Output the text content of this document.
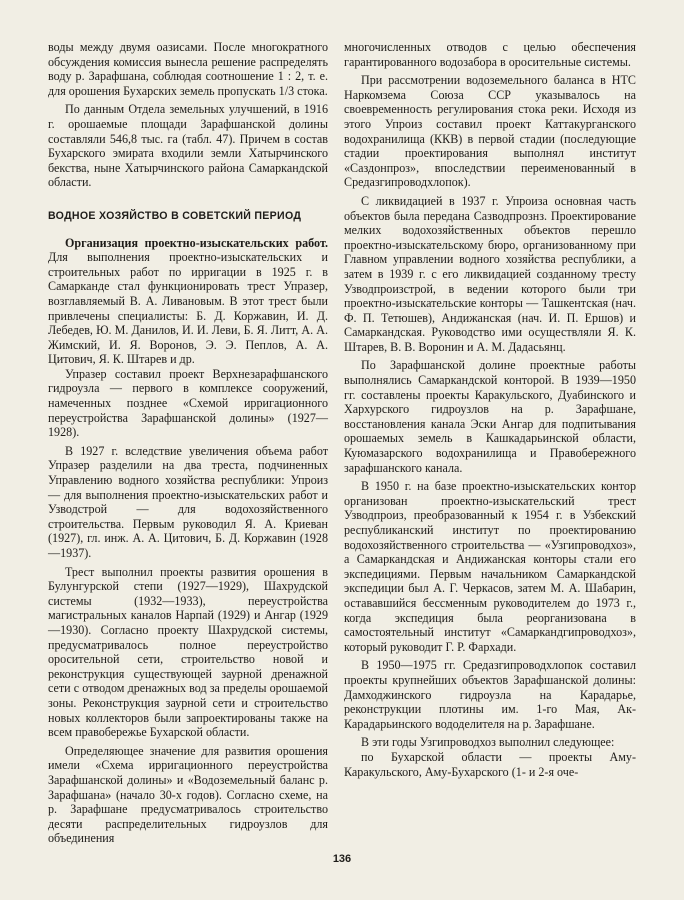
воды между двумя оазисами. После многократного обсуждения комиссия вынесла решение распределять воду р. Зарафшана, соблюдая соотношение 1 : 2, т. е. для орошения Бухарских земель пропускать 1/3 стока.

По данным Отдела земельных улучшений, в 1916 г. орошаемые площади Зарафшанской долины составляли 546,8 тыс. га (табл. 47). Причем в состав Бухарского эмирата входили земли Хатырчинского бекства, ныне Хатырчинского района Самаркандской области.

ВОДНОЕ ХОЗЯЙСТВО В СОВЕТСКИЙ ПЕРИОД

Организация проектно-изыскательских работ. Для выполнения проектно-изыскательских и строительных работ по ирригации в 1925 г. в Самарканде стал функционировать трест Упразер, возглавляемый В. А. Ливановым. В этот трест были привлечены специалисты: Б. Д. Коржавин, И. Д. Лебедев, Ю. М. Данилов, И. И. Леви, Б. Я. Литт, А. А. Жимский, И. Я. Воронов, Э. Э. Пеплов, А. А. Цитович, Я. К. Штарев и др.

Упразер составил проект Верхнезарафшанского гидроузла — первого в комплексе сооружений, намеченных позднее «Схемой ирригационного переустройства Зарафшанской долины» (1927—1928).

В 1927 г. вследствие увеличения объема работ Упразер разделили на два треста, подчиненных Управлению водного хозяйства республики: Упроиз — для выполнения проектно-изыскательских работ и Узводстрой — для водохозяйственного строительства. Первым руководил Я. А. Криеван (1927), гл. инж. А. А. Цитович, Б. Д. Коржавин (1928—1937).

Трест выполнил проекты развития орошения в Булунгурской степи (1927—1929), Шахрудской системы (1932—1933), переустройства магистральных каналов Нарпай (1929) и Ангар (1929—1930). Согласно проекту Шахрудской системы, предусматривалось полное переустройство оросительной сети, строительство новой и реконструкция существующей заурной дренажной сети с отводом дренажных вод за пределы орошаемой зоны. Реконструкция заурной сети и строительство новых коллекторов были запроектированы также на всем правобережье Бухарской области.

Определяющее значение для развития орошения имели «Схема ирригационного переустройства Зарафшанской долины» и «Водоземельный баланс р. Зарафшана» (начало 30-х годов). Согласно схеме, на р. Зарафшане предусматривалось строительство десяти распределительных гидроузлов для объединения

многочисленных отводов с целью обеспечения гарантированного водозабора в оросительные системы.

При рассмотрении водоземельного баланса в НТС Наркомзема Союза ССР указывалось на своевременность регулирования стока реки. Исходя из этого Упроиз составил проект Каттакурганского водохранилища (ККВ) в первой стадии (последующие стадии проектирования выполнял институт «Саздонпроз», впоследствии переименованный в Средазгипроводхлопок).

С ликвидацией в 1937 г. Упроиза основная часть объектов была передана Сазводпрознз. Проектирование мелких водохозяйственных объектов перешло проектно-изыскательскому бюро, организованному при Главном управлении водного хозяйства республики, а затем в 1939 г. с его ликвидацией созданному тресту Узводпроизстрой, в ведении которого были три проектно-изыскательские конторы — Ташкентская (нач. Ф. П. Тетюшев), Андижанская (нач. И. П. Ершов) и Самаркандская. Руководство ими осуществляли Я. К. Штарев, В. В. Воронин и А. М. Дадасьянц.

По Зарафшанской долине проектные работы выполнялись Самаркандской конторой. В 1939—1950 гг. составлены проекты Каракульского, Дуабинского и Хархурского гидроузлов на р. Зарафшане, восстановления канала Эски Ангар для подпитывания орошаемых земель в Кашкадарьинской области, Куюмазарского водохранилища и Правобережного зарафшанского канала.

В 1950 г. на базе проектно-изыскательских контор организован проектно-изыскательский трест Узводпроиз, преобразованный к 1954 г. в Узбекский республиканский институт по проектированию водохозяйственного строительства — «Узгипроводхоз», а Самаркандская и Андижанская конторы стали его экспедициями. Первым начальником Самаркандской экспедиции был А. Г. Черкасов, затем М. А. Шабарин, остававшийся бессменным руководителем до 1973 г., когда экспедиция была реорганизована в самостоятельный институт «Самаркандгипроводхоз», который руководит Г. Р. Фархади.

В 1950—1975 гг. Средазгипроводхлопок составил проекты крупнейших объектов Зарафшанской долины: Дамходжинского гидроузла на Карадарье, реконструкции плотины им. 1-го Мая, Ак-Карадарьинского вододелителя на р. Зарафшане.

В эти годы Узгипроводхоз выполнил следующее:

по Бухарской области — проекты Аму-Каракульского, Аму-Бухарского (1- и 2-я оче-

136
